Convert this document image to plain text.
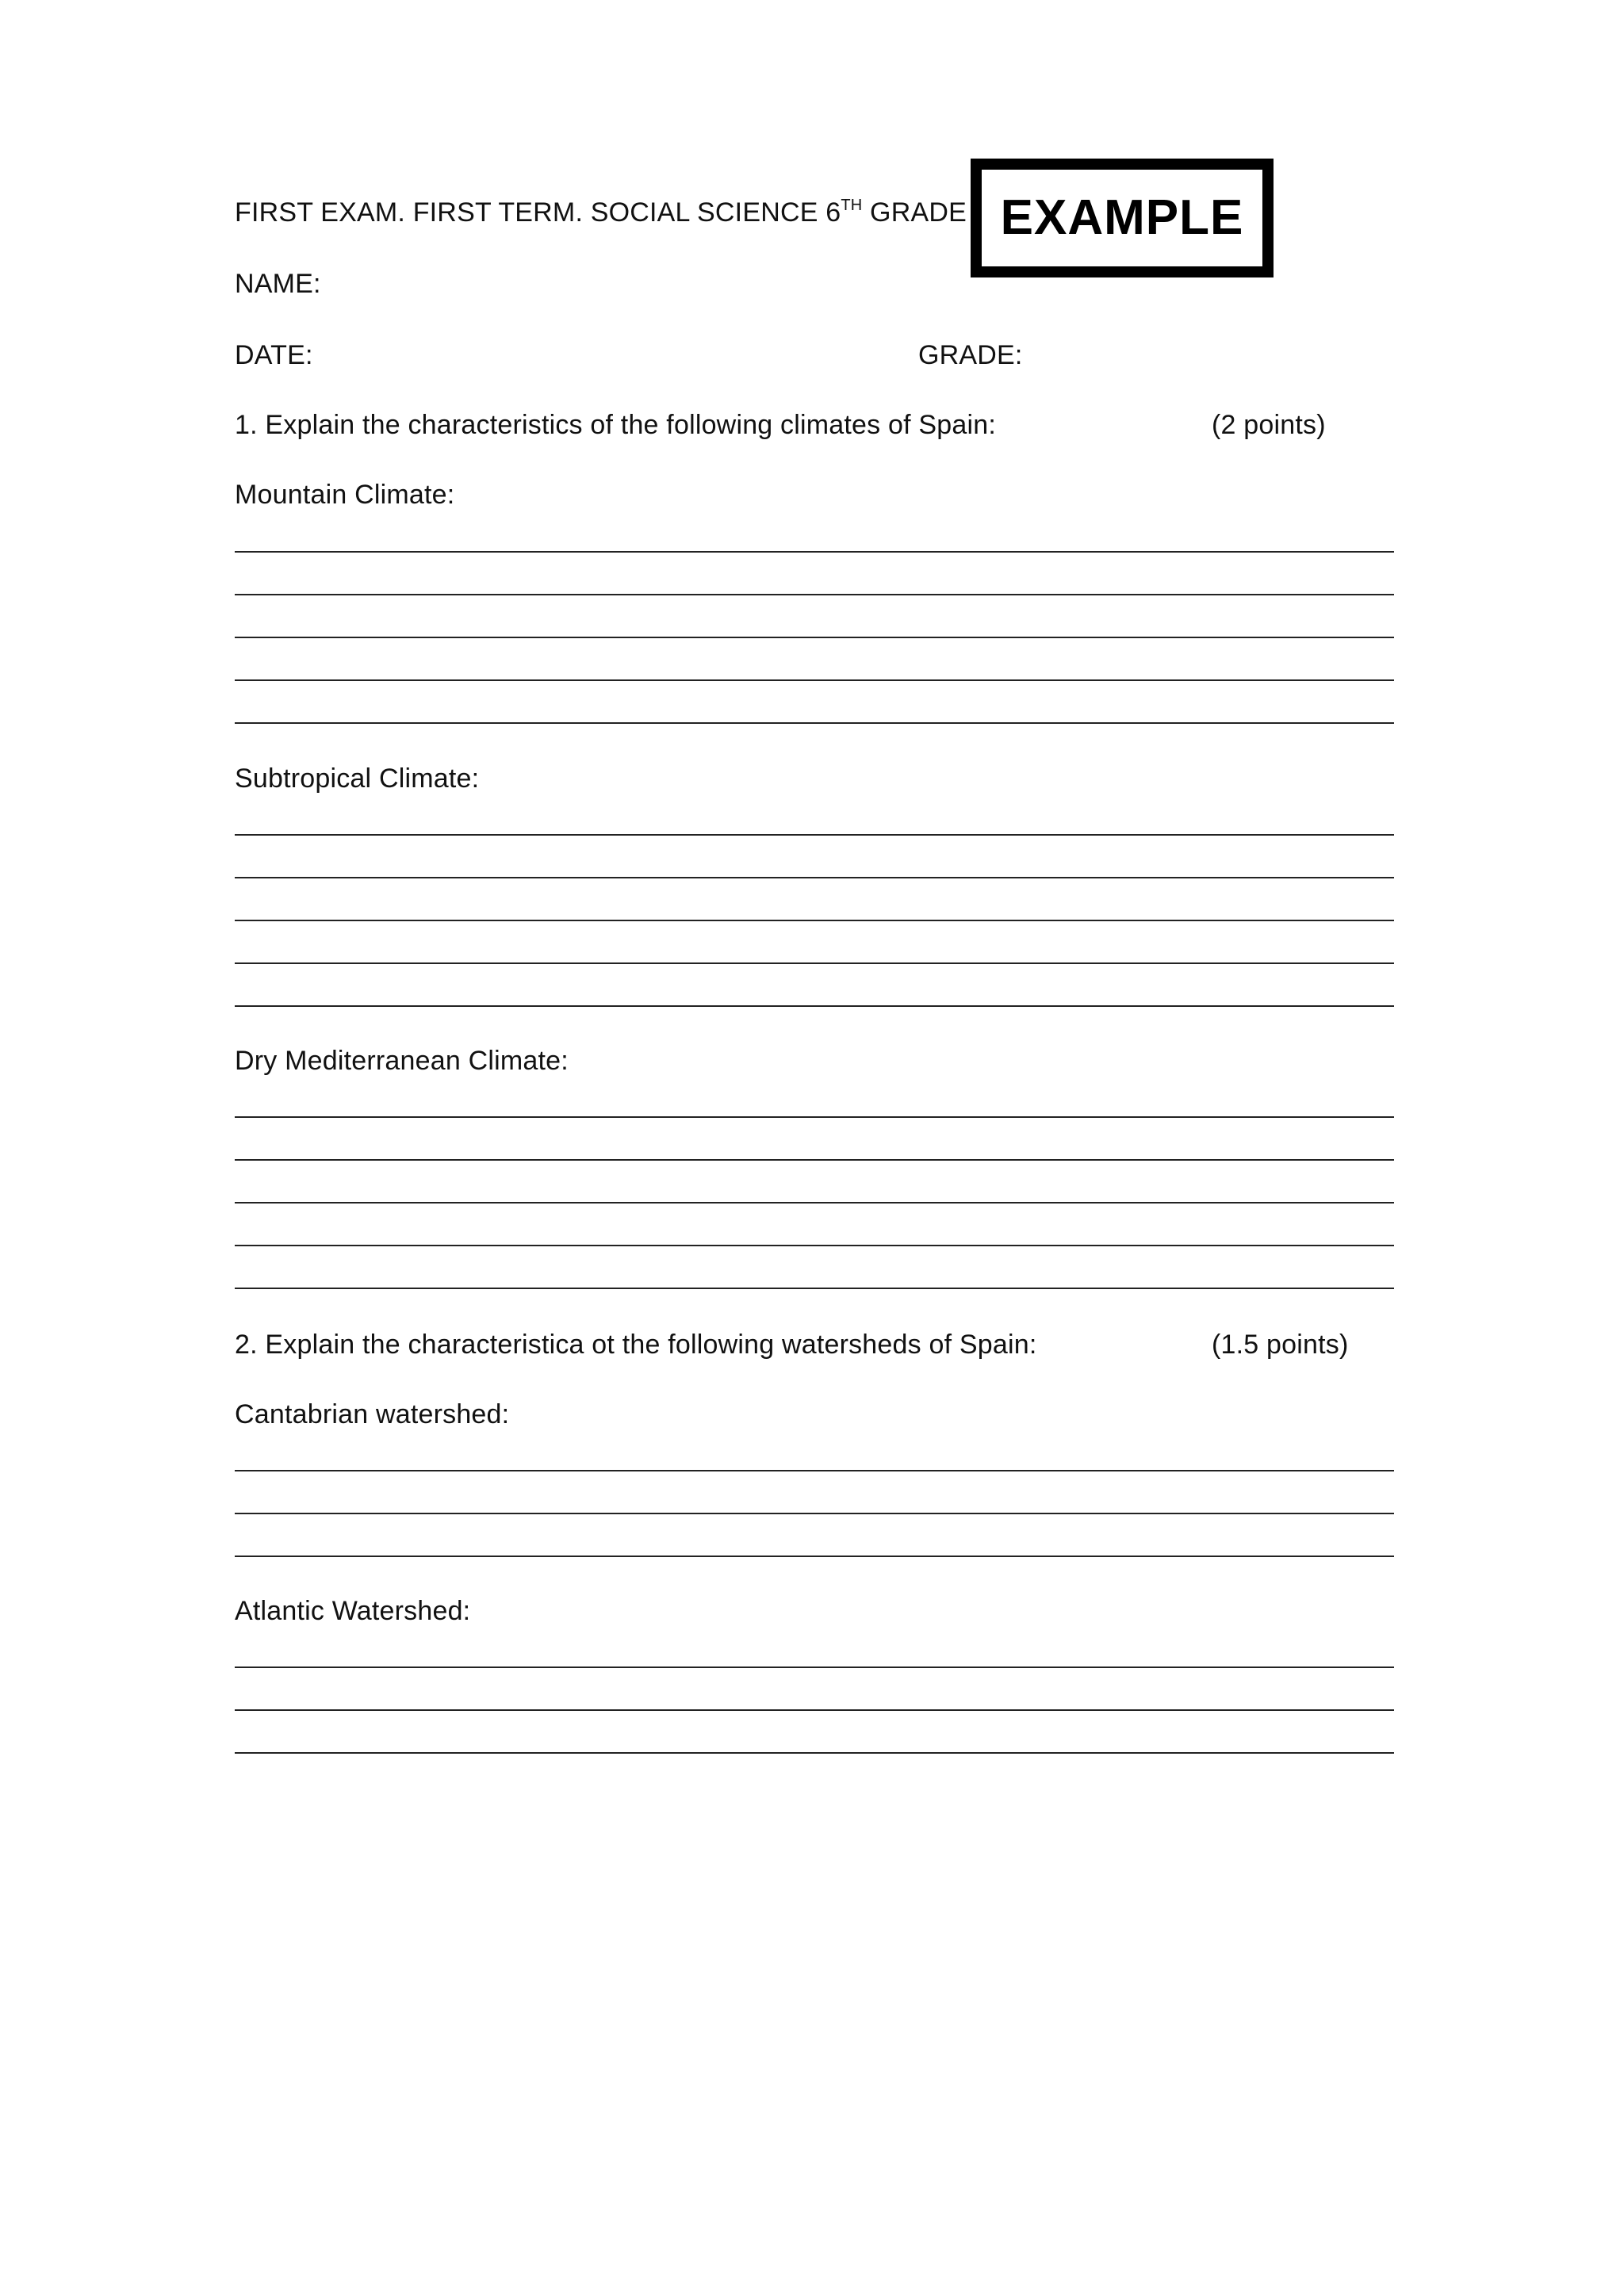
FIRST EXAM. FIRST TERM. SOCIAL SCIENCE 6TH GRADE EXAMPLE
NAME:
DATE:	GRADE:
1. Explain the characteristics of the following climates of Spain:	(2 points)
Mountain Climate:
Subtropical Climate:
Dry Mediterranean Climate:
2. Explain the characteristica ot the following watersheds of Spain:	(1.5 points)
Cantabrian watershed:
Atlantic Watershed:
